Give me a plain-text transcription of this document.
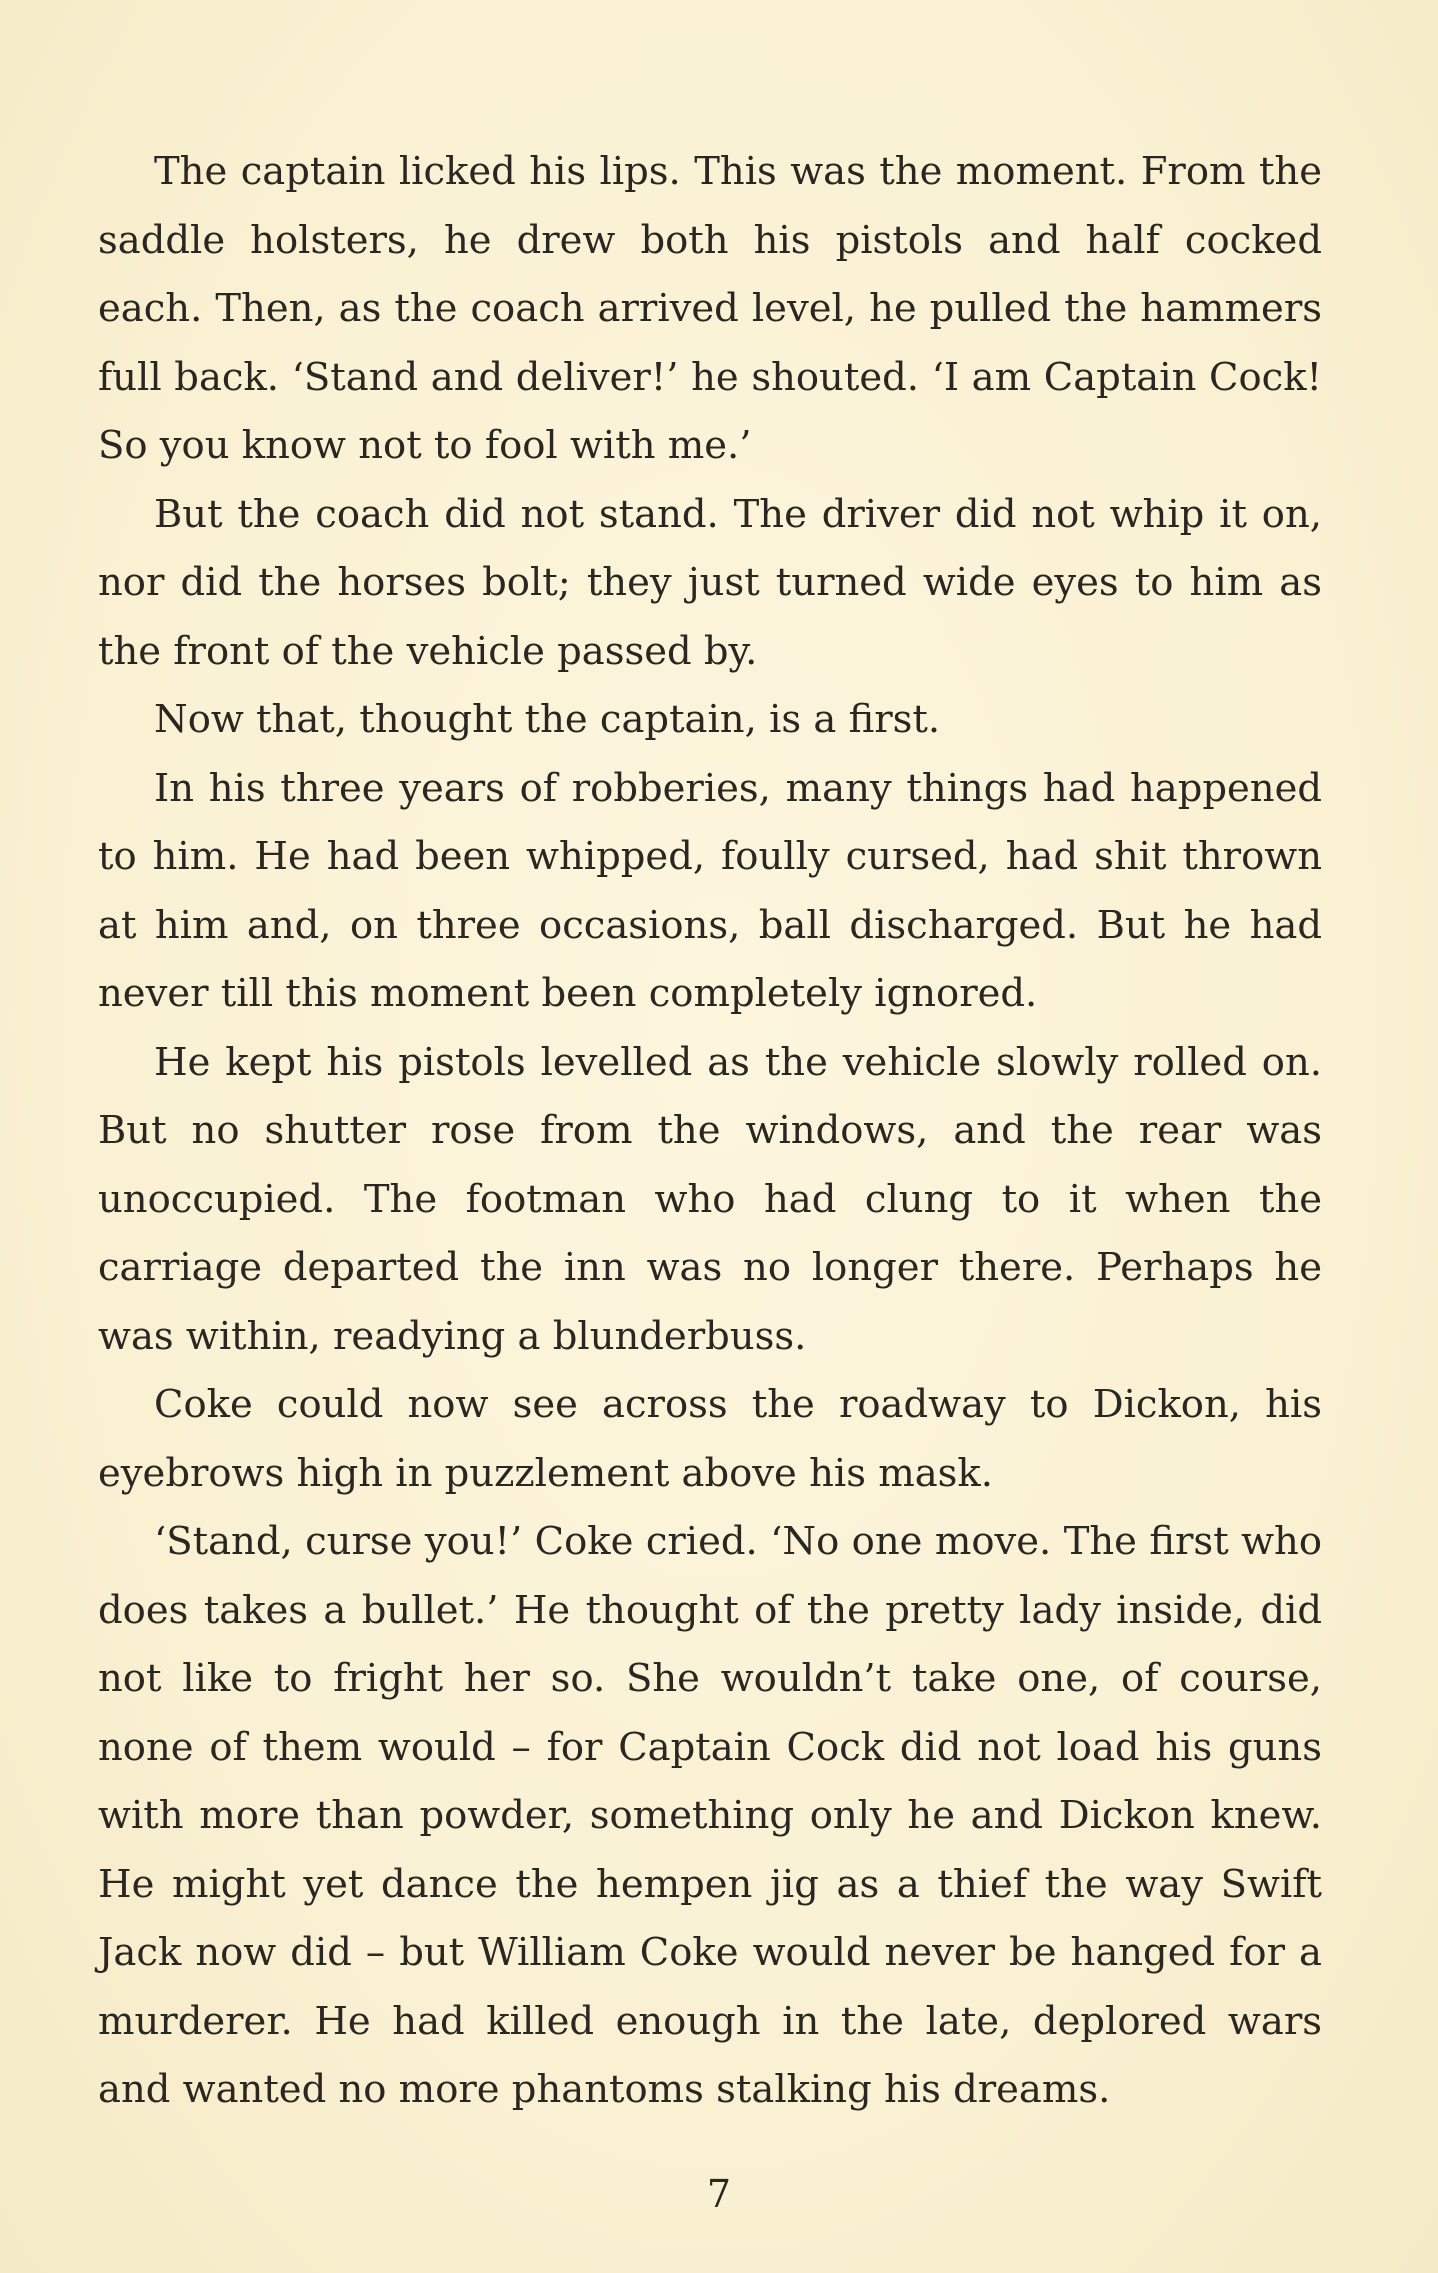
The captain licked his lips. This was the moment. From the saddle holsters, he drew both his pistols and half cocked each. Then, as the coach arrived level, he pulled the hammers full back. ‘Stand and deliver!’ he shouted. ‘I am Captain Cock! So you know not to fool with me.’

But the coach did not stand. The driver did not whip it on, nor did the horses bolt; they just turned wide eyes to him as the front of the vehicle passed by.

Now that, thought the captain, is a first.

In his three years of robberies, many things had happened to him. He had been whipped, foully cursed, had shit thrown at him and, on three occasions, ball discharged. But he had never till this moment been completely ignored.

He kept his pistols levelled as the vehicle slowly rolled on. But no shutter rose from the windows, and the rear was unoccupied. The footman who had clung to it when the carriage departed the inn was no longer there. Perhaps he was within, readying a blunderbuss.

Coke could now see across the roadway to Dickon, his eyebrows high in puzzlement above his mask.

‘Stand, curse you!’ Coke cried. ‘No one move. The first who does takes a bullet.’ He thought of the pretty lady inside, did not like to fright her so. She wouldn’t take one, of course, none of them would – for Captain Cock did not load his guns with more than powder, something only he and Dickon knew. He might yet dance the hempen jig as a thief the way Swift Jack now did – but William Coke would never be hanged for a murderer. He had killed enough in the late, deplored wars and wanted no more phantoms stalking his dreams.

7
